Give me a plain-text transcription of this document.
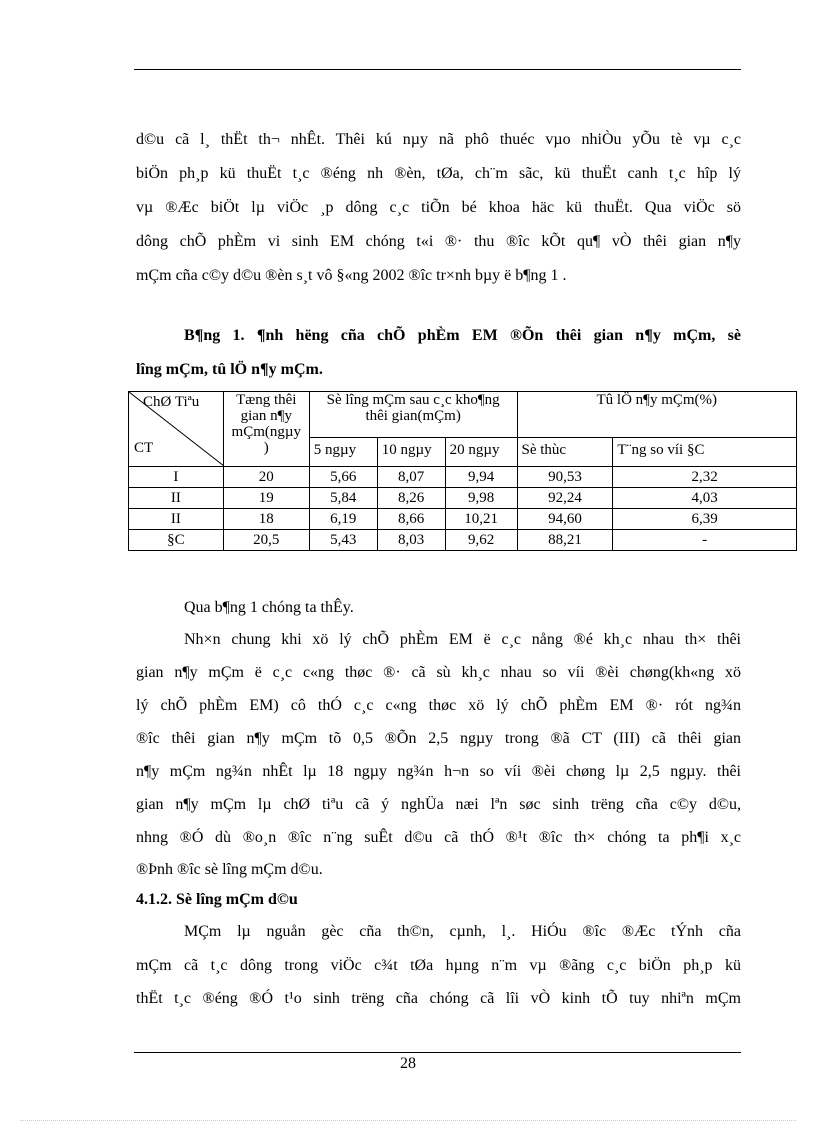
d©u cã l¸ thËt th¬ nhÊt. Thêi kú nµy nã phô thuéc vµo nhiÒu yÕu tè vµ c¸c
biÖn ph¸p kü thuËt t¸c ®éng nh ®èn, tØa, ch¨m sãc, kü thuËt canh t¸c hîp lý
vµ ®Æc biÖt lµ viÖc ¸p dông c¸c tiÕn bé khoa häc kü thuËt. Qua viÖc sö
dông chÕ phÈm vi sinh EM chóng t«i ®· thu ®îc kÕt qu¶ vÒ thêi gian n¶y
mÇm cña c©y d©u ®èn s¸t vô §«ng 2002 ®îc tr×nh bµy ë b¶ng 1 .
B¶ng 1. ¶nh hëng cña chÕ phÈm EM ®Õn thêi gian n¶y mÇm, sè
lîng mÇm, tû lÖ n¶y mÇm.
ChØ Tiªu
CT	Tæng thêi gian n¶y mÇm(ngµy )	Sè lîng mÇm sau c¸c kho¶ng thêi gian(mÇm)			Tû lÖ n¶y mÇm(%)	
		5 ngµy	10 ngµy	20 ngµy	Sè thùc	T¨ng so víi §C
I	20	5,66	8,07	9,94	90,53	2,32
II	19	5,84	8,26	9,98	92,24	4,03
II	18	6,19	8,66	10,21	94,60	6,39
§C	20,5	5,43	8,03	9,62	88,21	-
Qua b¶ng 1 chóng ta thÊy.
Nh×n chung khi xö lý chÕ phÈm EM ë c¸c nång ®é kh¸c nhau th× thêi
gian n¶y mÇm ë c¸c c«ng thøc ®· cã sù kh¸c nhau so víi ®èi chøng(kh«ng xö
lý chÕ phÈm EM) cô thÓ c¸c c«ng thøc xö lý chÕ phÈm EM ®· rót ng¾n
®îc thêi gian n¶y mÇm tõ 0,5 ®Õn 2,5 ngµy trong ®ã CT (III) cã thêi gian
n¶y mÇm ng¾n nhÊt lµ 18 ngµy ng¾n h¬n so víi ®èi chøng lµ 2,5 ngµy. thêi
gian n¶y mÇm lµ chØ tiªu cã ý nghÜa næi lªn søc sinh trëng cña c©y d©u,
nhng ®Ó dù ®o¸n ®îc n¨ng suÊt d©u cã thÓ ®¹t ®îc th× chóng ta ph¶i x¸c
®Þnh ®îc sè lîng mÇm d©u.
4.1.2. Sè lîng mÇm d©u
MÇm lµ nguån gèc cña th©n, cµnh, l¸. HiÓu ®îc ®Æc tÝnh cña
mÇm cã t¸c dông trong viÖc c¾t tØa hµng n¨m vµ ®ãng c¸c biÖn ph¸p kü
thËt t¸c ®éng ®Ó t¹o sinh trëng cña chóng cã lîi vÒ kinh tÕ tuy nhiªn mÇm
28
